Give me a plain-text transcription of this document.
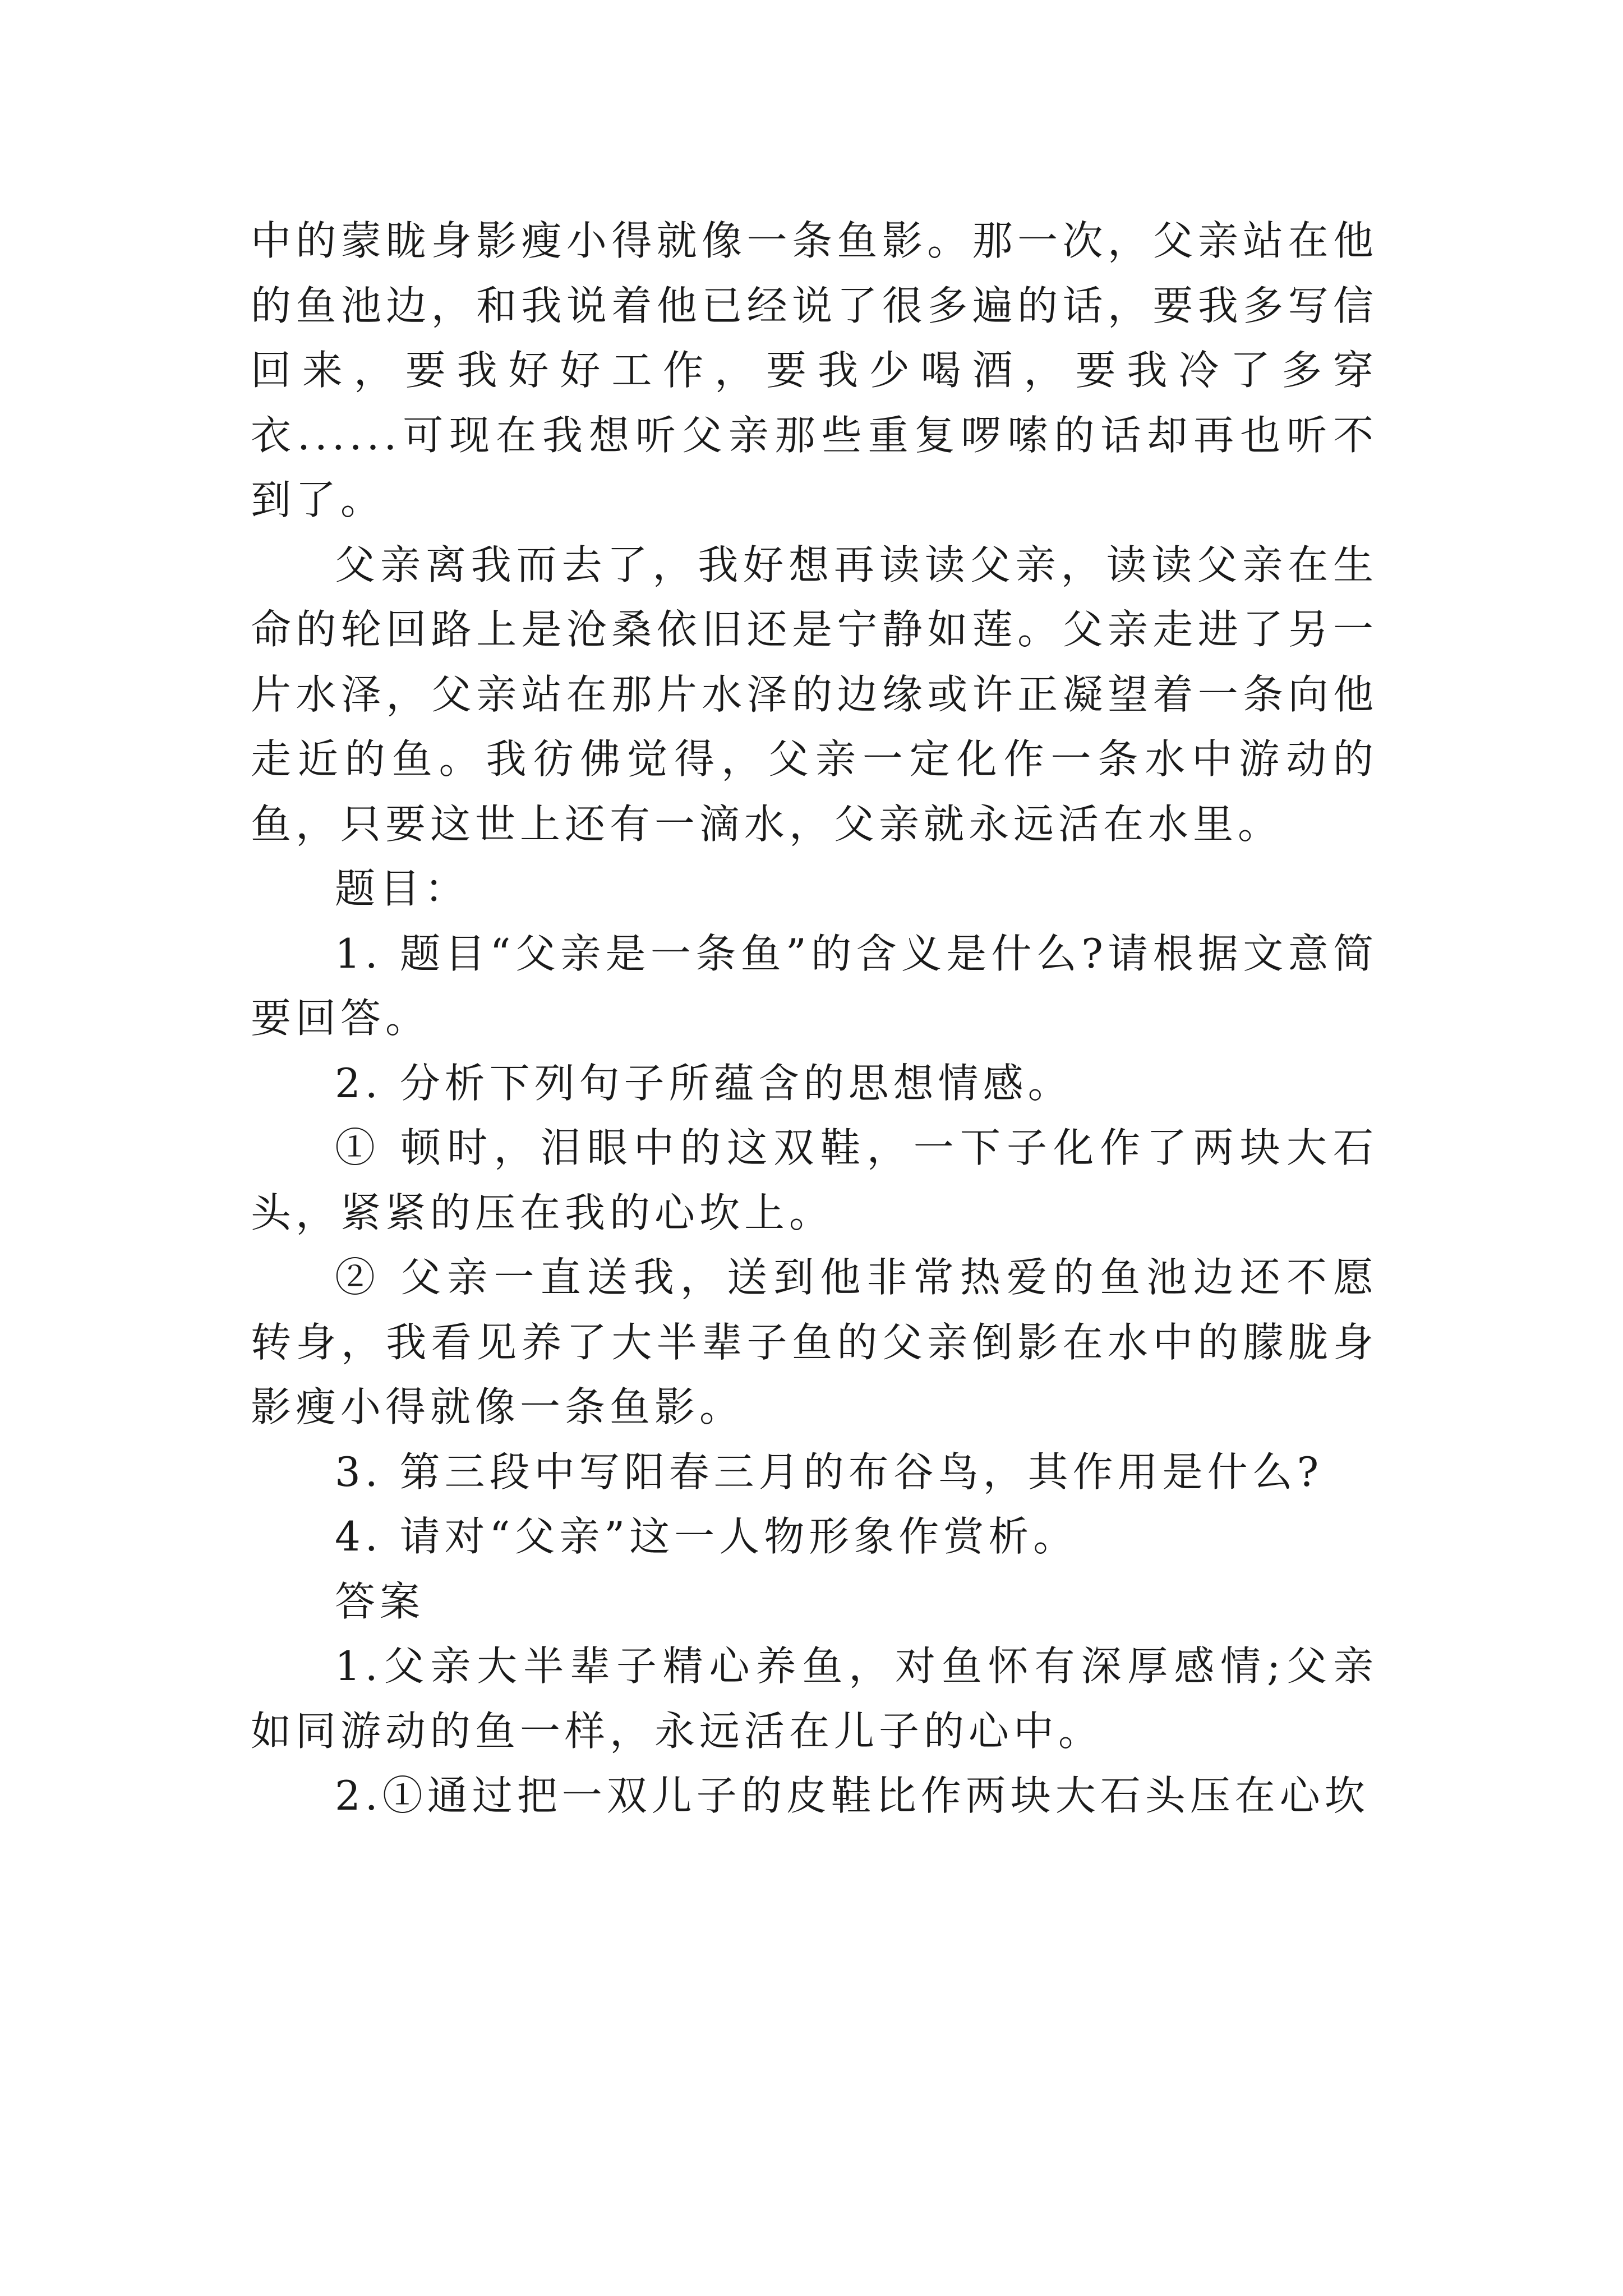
中的蒙眬身影瘦小得就像一条鱼影。那一次，父亲站在他的鱼池边，和我说着他已经说了很多遍的话，要我多写信回来，要我好好工作，要我少喝酒，要我冷了多穿衣......可现在我想听父亲那些重复啰嗦的话却再也听不到了。

父亲离我而去了，我好想再读读父亲，读读父亲在生命的轮回路上是沧桑依旧还是宁静如莲。父亲走进了另一片水泽，父亲站在那片水泽的边缘或许正凝望着一条向他走近的鱼。我彷佛觉得，父亲一定化作一条水中游动的鱼，只要这世上还有一滴水，父亲就永远活在水里。

题目：

1. 题目“父亲是一条鱼”的含义是什么?请根据文意简要回答。

2. 分析下列句子所蕴含的思想情感。

① 顿时，泪眼中的这双鞋，一下子化作了两块大石头，紧紧的压在我的心坎上。

② 父亲一直送我，送到他非常热爱的鱼池边还不愿转身，我看见养了大半辈子鱼的父亲倒影在水中的朦胧身影瘦小得就像一条鱼影。

3. 第三段中写阳春三月的布谷鸟，其作用是什么?

4. 请对“父亲”这一人物形象作赏析。

答案

1.父亲大半辈子精心养鱼，对鱼怀有深厚感情;父亲如同游动的鱼一样，永远活在儿子的心中。

2.①通过把一双儿子的皮鞋比作两块大石头压在心坎
